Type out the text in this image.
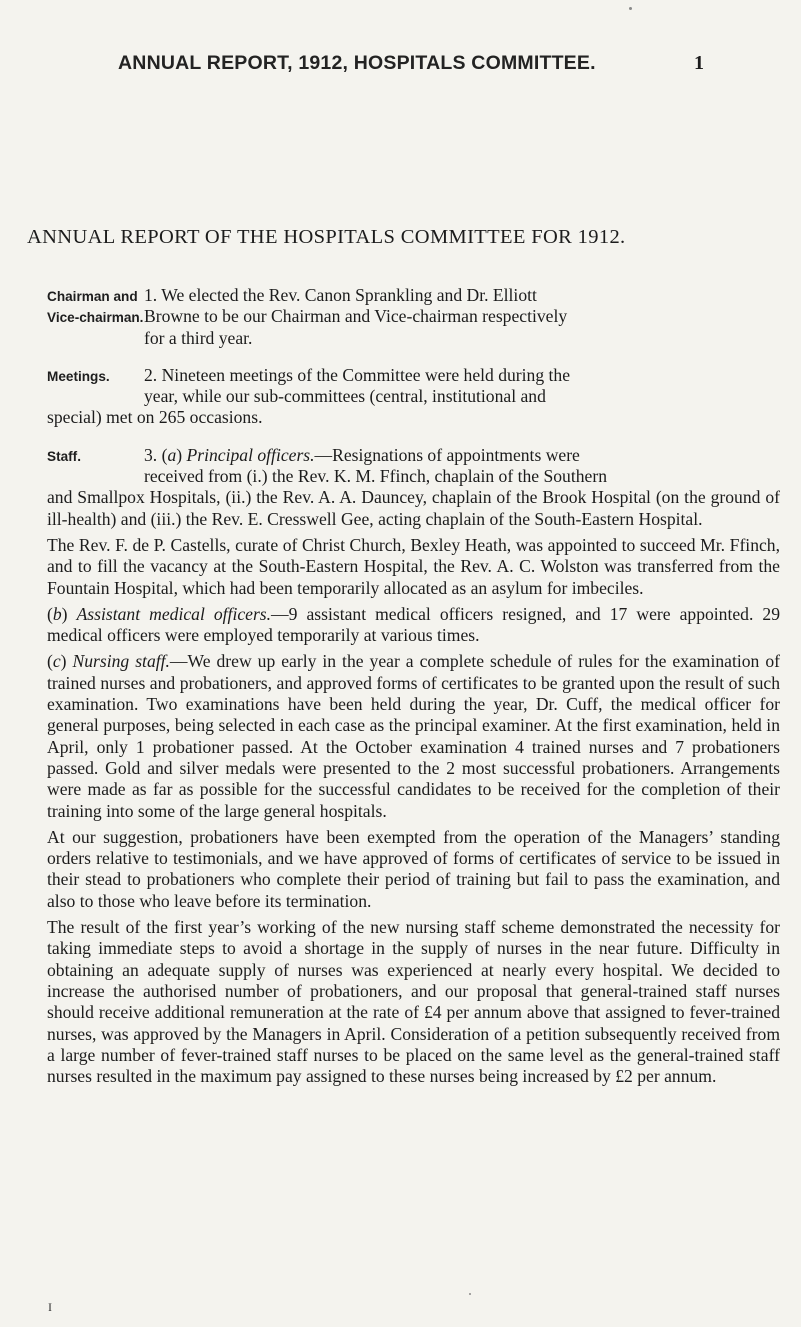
ANNUAL REPORT, 1912, HOSPITALS COMMITTEE.	1
ANNUAL REPORT OF THE HOSPITALS COMMITTEE FOR 1912.
Chairman and
Vice-chairman.
1. We elected the Rev. Canon Sprankling and Dr. Elliott
Browne to be our Chairman and Vice-chairman respectively
for a third year.
Meetings.	2. Nineteen meetings of the Committee were held during the
year, while our sub-committees (central, institutional and
special) met on 265 occasions.
Staff.	3. (a) Principal officers.—Resignations of appointments were
received from (i.) the Rev. K. M. Ffinch, chaplain of the Southern

and Smallpox Hospitals, (ii.) the Rev. A. A. Dauncey, chaplain of the Brook Hospital (on the ground of ill-health) and (iii.) the Rev. E. Cresswell Gee, acting chaplain of the South-Eastern Hospital.

The Rev. F. de P. Castells, curate of Christ Church, Bexley Heath, was appointed to succeed Mr. Ffinch, and to fill the vacancy at the South-Eastern Hospital, the Rev. A. C. Wolston was transferred from the Fountain Hospital, which had been temporarily allocated as an asylum for imbeciles.

(b) Assistant medical officers.—9 assistant medical officers resigned, and 17 were appointed. 29 medical officers were employed temporarily at various times.

(c) Nursing staff.—We drew up early in the year a complete schedule of rules for the examination of trained nurses and probationers, and approved forms of certificates to be granted upon the result of such examination. Two examinations have been held during the year, Dr. Cuff, the medical officer for general purposes, being selected in each case as the principal examiner. At the first examination, held in April, only 1 probationer passed. At the October examination 4 trained nurses and 7 probationers passed. Gold and silver medals were presented to the 2 most successful probationers. Arrangements were made as far as possible for the successful candidates to be received for the completion of their training into some of the large general hospitals.

At our suggestion, probationers have been exempted from the operation of the Managers’ standing orders relative to testimonials, and we have approved of forms of certificates of service to be issued in their stead to probationers who complete their period of training but fail to pass the examination, and also to those who leave before its termination.

The result of the first year’s working of the new nursing staff scheme demonstrated the necessity for taking immediate steps to avoid a shortage in the supply of nurses in the near future. Difficulty in obtaining an adequate supply of nurses was experienced at nearly every hospital. We decided to increase the authorised number of probationers, and our proposal that general-trained staff nurses should receive additional remuneration at the rate of £4 per annum above that assigned to fever-trained nurses, was approved by the Managers in April. Consideration of a petition subsequently received from a large number of fever-trained staff nurses to be placed on the same level as the general-trained staff nurses resulted in the maximum pay assigned to these nurses being increased by £2 per annum.

I
